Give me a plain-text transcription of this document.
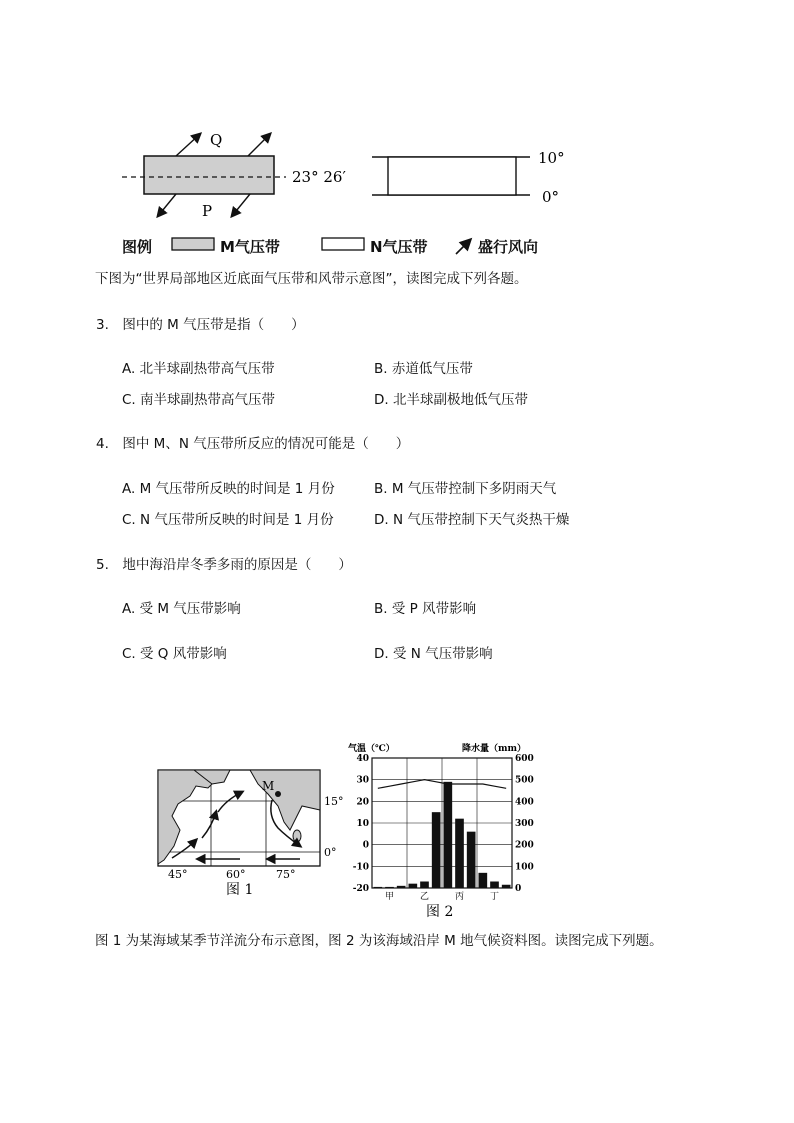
Q
P
23° 26′
10°
0°
图例	M气压带	N气压带	盛行风向
下图为“世界局部地区近底面气压带和风带示意图”，读图完成下列各题。
3.　图中的 M 气压带是指（　　）
A. 北半球副热带高气压带	B. 赤道低气压带
C. 南半球副热带高气压带	D. 北半球副极地低气压带
4.　图中 M、N 气压带所反应的情况可能是（　　）
A. M 气压带所反映的时间是 1 月份	B. M 气压带控制下多阴雨天气
C. N 气压带所反映的时间是 1 月份	D. N 气压带控制下天气炎热干燥
5.　地中海沿岸冬季多雨的原因是（　　）
A. 受 M 气压带影响	B. 受 P 风带影响
C. 受 Q 风带影响	D. 受 N 气压带影响
M
15°
0°
45°	60°	75°
图 1
气温（℃）	降水量（mm）
40	600
30	500
20	400
10	300
0	200
-10	100
-20	0
甲	乙	丙	丁
图 2
图 1 为某海域某季节洋流分布示意图，图 2 为该海域沿岸 M 地气候资料图。读图完成下列题。
